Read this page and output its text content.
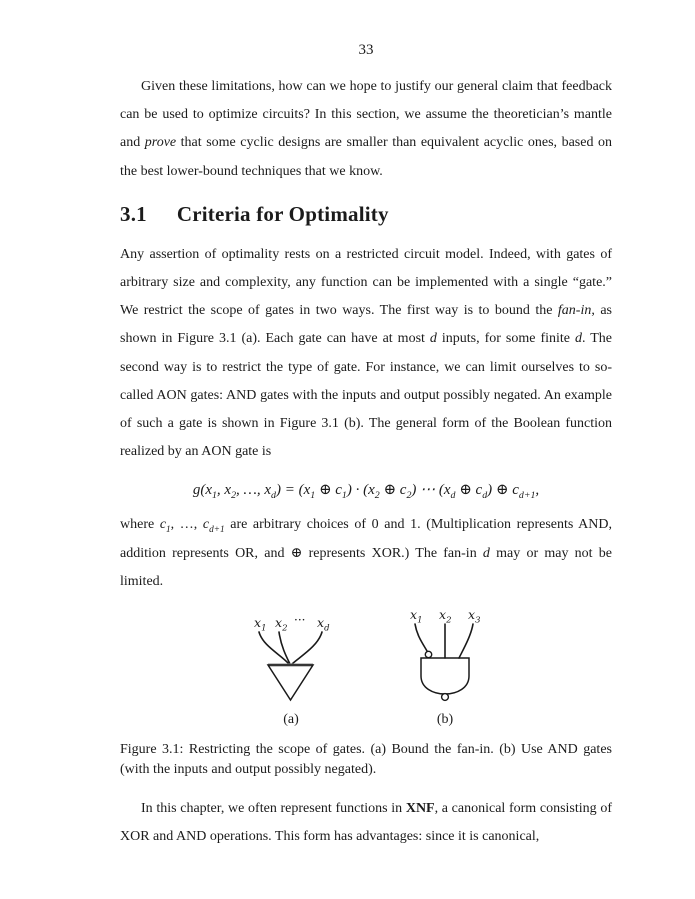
33

Given these limitations, how can we hope to justify our general claim that feedback can be used to optimize circuits? In this section, we assume the theoretician’s mantle and prove that some cyclic designs are smaller than equivalent acyclic ones, based on the best lower-bound techniques that we know.

3.1 Criteria for Optimality

Any assertion of optimality rests on a restricted circuit model. Indeed, with gates of arbitrary size and complexity, any function can be implemented with a single “gate.” We restrict the scope of gates in two ways. The first way is to bound the fan-in, as shown in Figure 3.1 (a). Each gate can have at most d inputs, for some finite d. The second way is to restrict the type of gate. For instance, we can limit ourselves to so-called AON gates: AND gates with the inputs and output possibly negated. An example of such a gate is shown in Figure 3.1 (b). The general form of the Boolean function realized by an AON gate is

$g(x_1$, $x_2$, …, $x_d) = (x_1$ ⊕ $c_1) \cdot (x_2$ ⊕ $c_2$) ⋯ ($x_d$ ⊕ $c_d$) ⊕ $c_{d+1}$,

where $c_1$, …, $c_{d+1}$ are arbitrary choices of 0 and 1. (Multiplication represents AND, addition represents OR, and ⊕ represents XOR.) The fan-in d may or may not be limited.

$x_1$ $x_2$
··· $x_d$
(a)
$x_1$ $x_2$ $x_3$
(b)
Figure 3.1: Restricting the scope of gates. (a) Bound the fan-in. (b) Use AND gates (with the inputs and output possibly negated).

In this chapter, we often represent functions in XNF, a canonical form consisting of XOR and AND operations. This form has advantages: since it is canonical,
